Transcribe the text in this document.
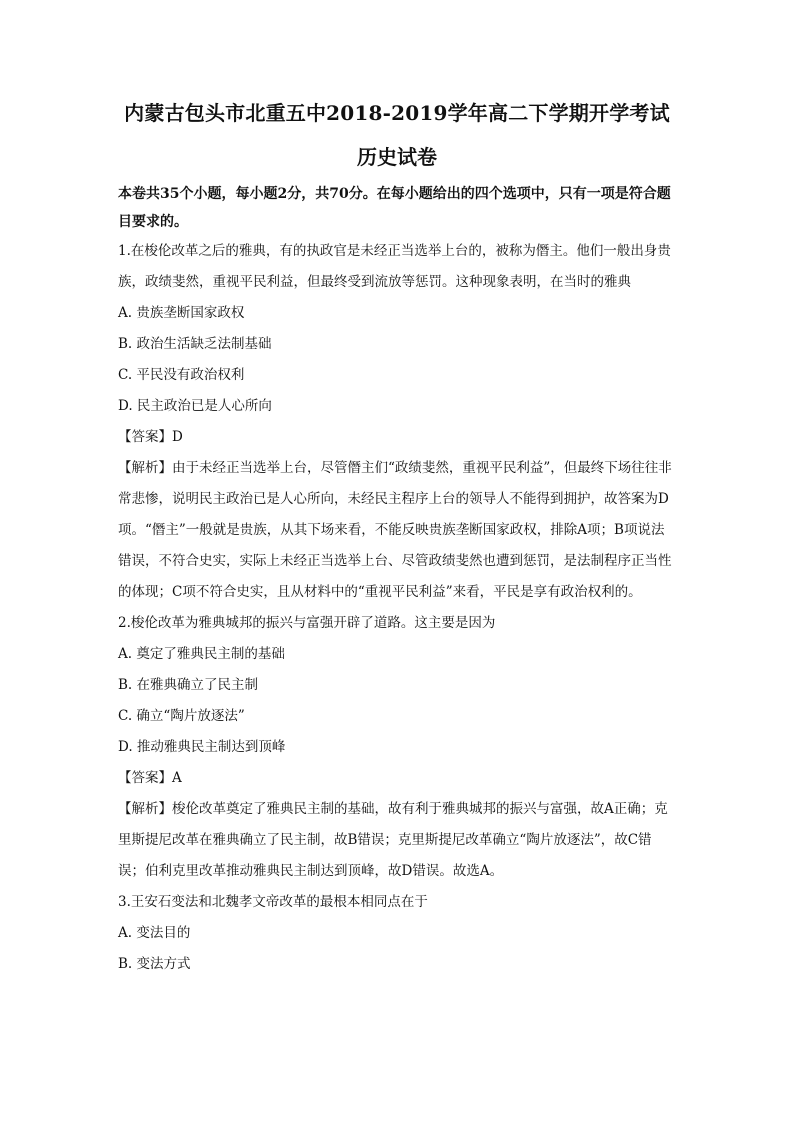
内蒙古包头市北重五中2018-2019学年高二下学期开学考试
历史试卷

本卷共35个小题，每小题2分，共70分。在每小题给出的四个选项中，只有一项是符合题目要求的。

1.在梭伦改革之后的雅典，有的执政官是未经正当选举上台的，被称为僭主。他们一般出身贵族，政绩斐然，重视平民利益，但最终受到流放等惩罚。这种现象表明，在当时的雅典

A. 贵族垄断国家政权

B. 政治生活缺乏法制基础

C. 平民没有政治权利

D. 民主政治已是人心所向

【答案】D

【解析】由于未经正当选举上台，尽管僭主们“政绩斐然，重视平民利益”，但最终下场往往非常悲惨，说明民主政治已是人心所向，未经民主程序上台的领导人不能得到拥护，故答案为D项。“僭主”一般就是贵族，从其下场来看，不能反映贵族垄断国家政权，排除A项；B项说法错误，不符合史实，实际上未经正当选举上台、尽管政绩斐然也遭到惩罚，是法制程序正当性的体现；C项不符合史实，且从材料中的“重视平民利益”来看，平民是享有政治权利的。

2.梭伦改革为雅典城邦的振兴与富强开辟了道路。这主要是因为

A. 奠定了雅典民主制的基础

B. 在雅典确立了民主制

C. 确立“陶片放逐法”

D. 推动雅典民主制达到顶峰

【答案】A

【解析】梭伦改革奠定了雅典民主制的基础，故有利于雅典城邦的振兴与富强，故A正确；克里斯提尼改革在雅典确立了民主制，故B错误；克里斯提尼改革确立“陶片放逐法”，故C错误；伯利克里改革推动雅典民主制达到顶峰，故D错误。故选A。

3.王安石变法和北魏孝文帝改革的最根本相同点在于

A. 变法目的

B. 变法方式
